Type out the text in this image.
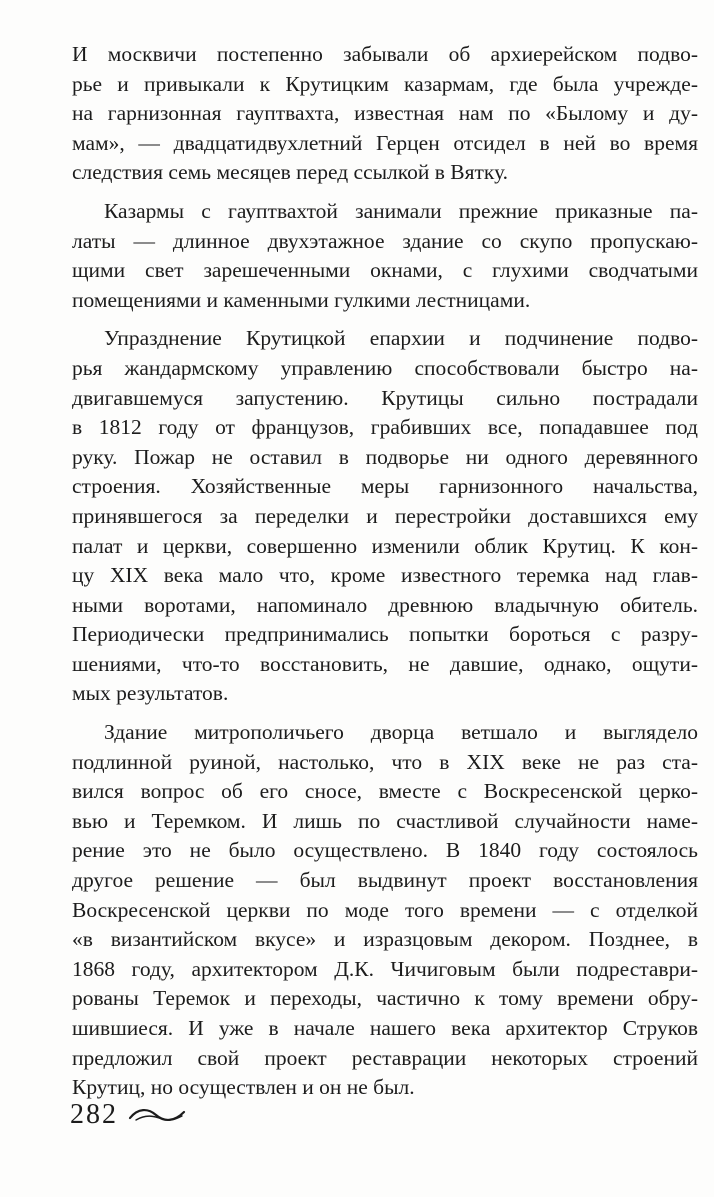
И москвичи постепенно забывали об архиерейском подво-
рье и привыкали к Крутицким казармам, где была учрежде-
на гарнизонная гауптвахта, известная нам по «Былому и ду-
мам», — двадцатидвухлетний Герцен отсидел в ней во время
следствия семь месяцев перед ссылкой в Вятку.
Казармы с гауптвахтой занимали прежние приказные па-
латы — длинное двухэтажное здание со скупо пропускаю-
щими свет зарешеченными окнами, с глухими сводчатыми
помещениями и каменными гулкими лестницами.
Упразднение Крутицкой епархии и подчинение подво-
рья жандармскому управлению способствовали быстро на-
двигавшемуся запустению. Крутицы сильно пострадали
в 1812 году от французов, грабивших все, попадавшее под
руку. Пожар не оставил в подворье ни одного деревянного
строения. Хозяйственные меры гарнизонного начальства,
принявшегося за переделки и перестройки доставшихся ему
палат и церкви, совершенно изменили облик Крутиц. К кон-
цу XIX века мало что, кроме известного теремка над глав-
ными воротами, напоминало древнюю владычную обитель.
Периодически предпринимались попытки бороться с разру-
шениями, что-то восстановить, не давшие, однако, ощути-
мых результатов.
Здание митрополичьего дворца ветшало и выглядело
подлинной руиной, настолько, что в XIX веке не раз ста-
вился вопрос об его сносе, вместе с Воскресенской церко-
вью и Теремком. И лишь по счастливой случайности наме-
рение это не было осуществлено. В 1840 году состоялось
другое решение — был выдвинут проект восстановления
Воскресенской церкви по моде того времени — с отделкой
«в византийском вкусе» и изразцовым декором. Позднее, в
1868 году, архитектором Д.К. Чичиговым были подреставри-
рованы Теремок и переходы, частично к тому времени обру-
шившиеся. И уже в начале нашего века архитектор Струков
предложил свой проект реставрации некоторых строений
Крутиц, но осуществлен и он не был.
282
